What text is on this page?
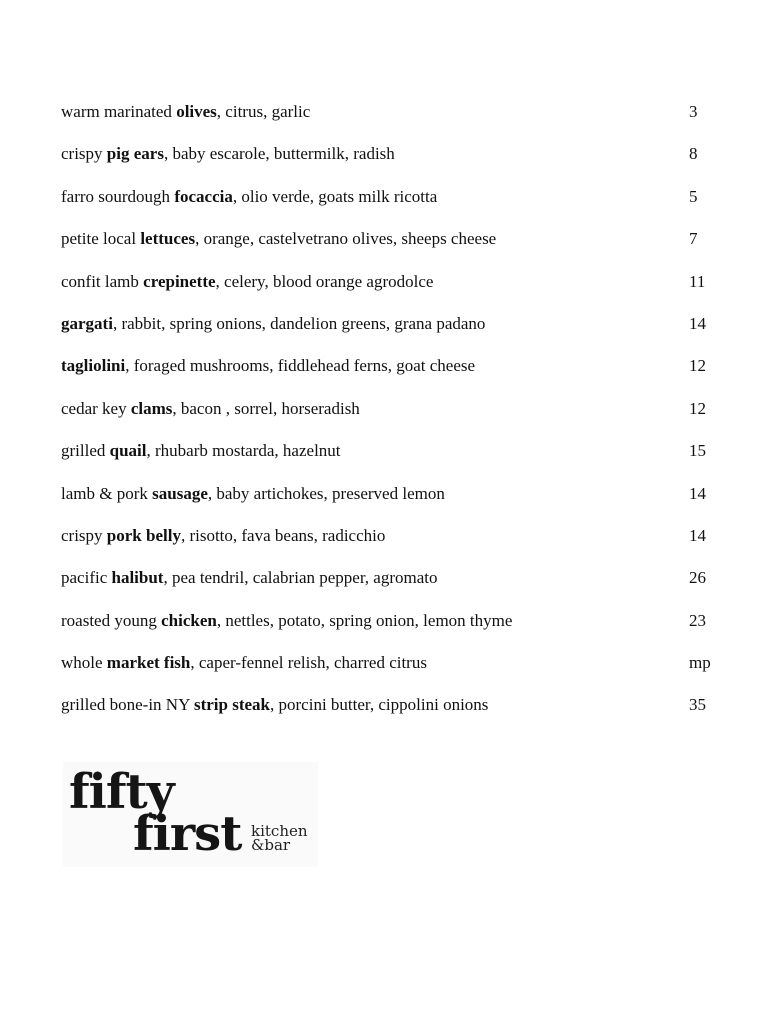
warm marinated olives, citrus, garlic	3
crispy pig ears, baby escarole, buttermilk, radish	8
farro sourdough focaccia, olio verde, goats milk ricotta	5
petite local lettuces, orange, castelvetrano olives, sheeps cheese	7
confit lamb crepinette, celery, blood orange agrodolce	11
gargati, rabbit, spring onions, dandelion greens, grana padano	14
tagliolini, foraged mushrooms, fiddlehead ferns, goat cheese	12
cedar key clams, bacon , sorrel, horseradish	12
grilled quail, rhubarb mostarda, hazelnut	15
lamb & pork sausage, baby artichokes, preserved lemon	14
crispy pork belly, risotto, fava beans, radicchio	14
pacific halibut, pea tendril, calabrian pepper, agromato	26
roasted young chicken, nettles, potato, spring onion, lemon thyme	23
whole market fish, caper-fennel relish, charred citrus	mp
grilled bone-in NY strip steak, porcini butter, cippolini onions	35
fifty
first kitchen
&bar
